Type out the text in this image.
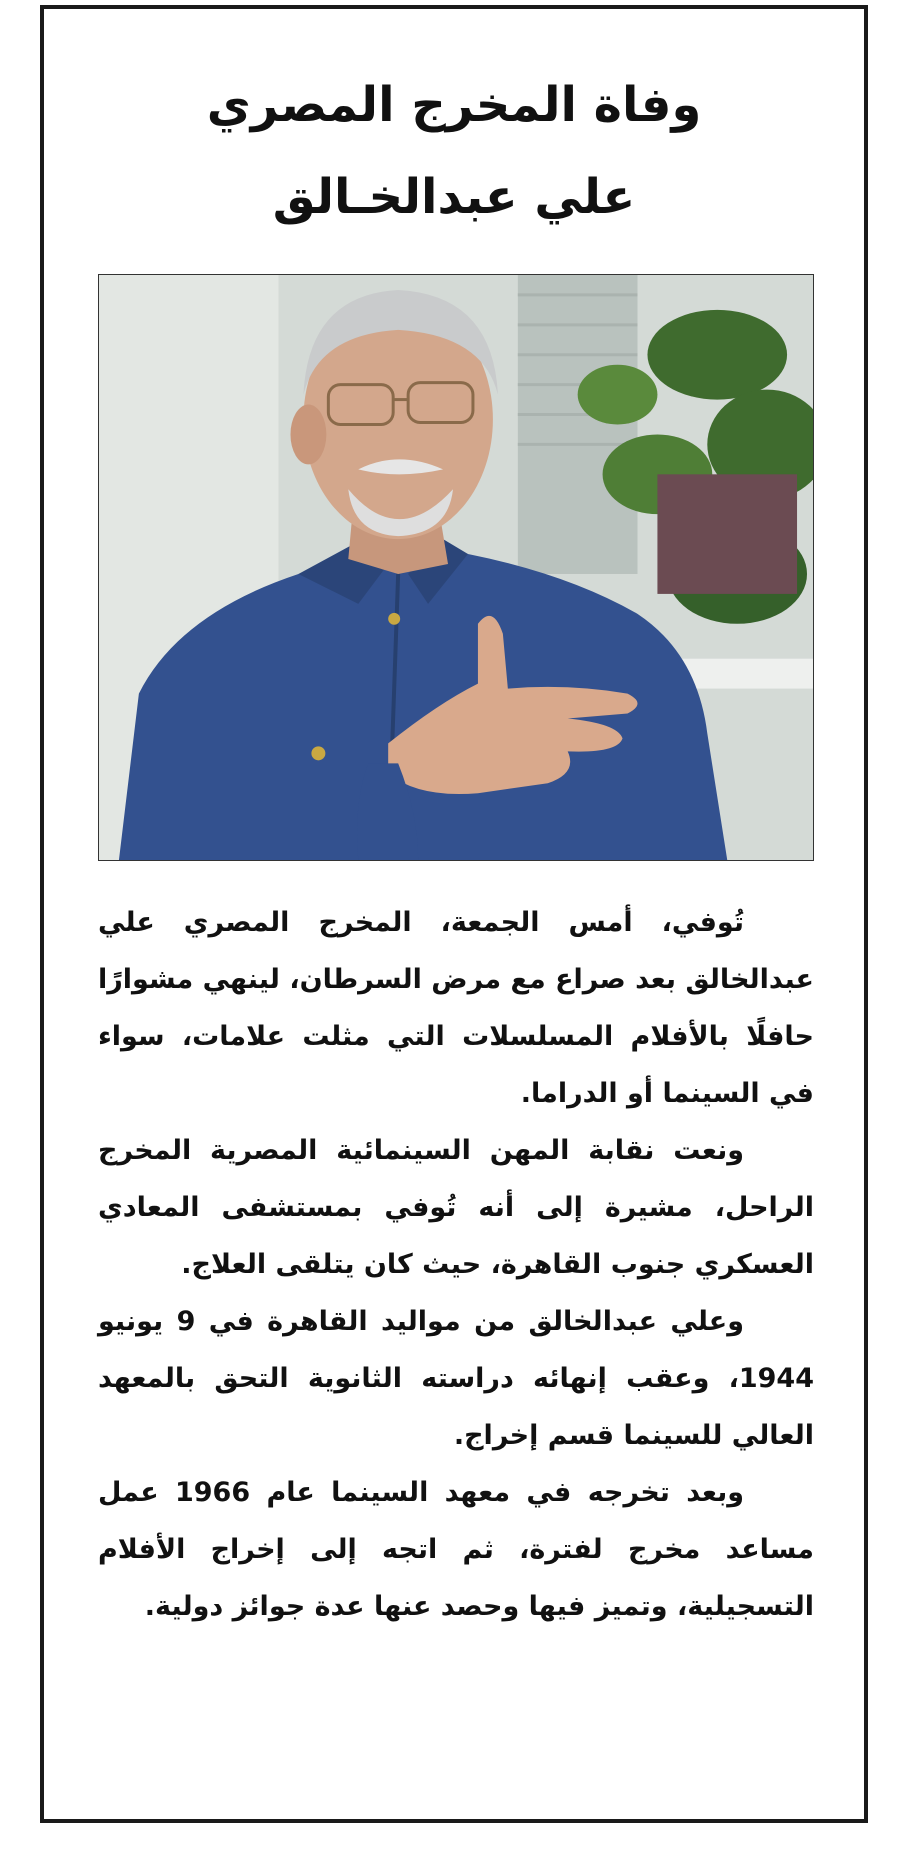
وفاة المخرج المصري
علي عبدالخـالق

تُوفي، أمس الجمعة، المخرج المصري علي عبدالخالق بعد صراع مع مرض السرطان، لينهي مشوارًا حافلًا بالأفلام المسلسلات التي مثلت علامات، سواء في السينما أو الدراما.

ونعت نقابة المهن السينمائية المصرية المخرج الراحل، مشيرة إلى أنه تُوفي بمستشفى المعادي العسكري جنوب القاهرة، حيث كان يتلقى العلاج.

وعلي عبدالخالق من مواليد القاهرة في 9 يونيو 1944، وعقب إنهائه دراسته الثانوية التحق بالمعهد العالي للسينما قسم إخراج.

وبعد تخرجه في معهد السينما عام 1966 عمل مساعد مخرج لفترة، ثم اتجه إلى إخراج الأفلام التسجيلية، وتميز فيها وحصد عنها عدة جوائز دولية.
